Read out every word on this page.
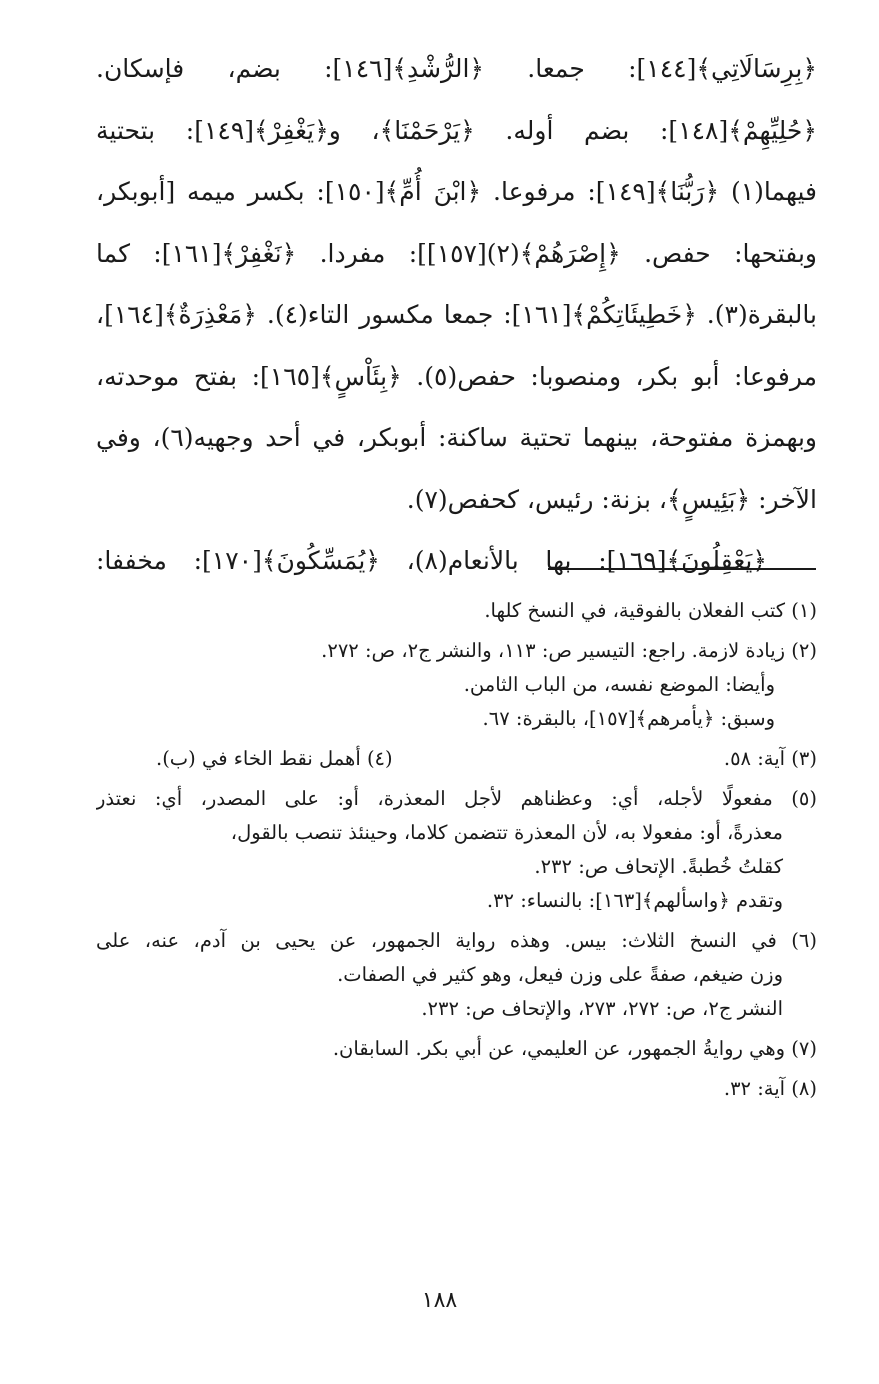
﴿بِرِسَالَاتِي﴾[١٤٤]: جمعا. ﴿الرُّشْدِ﴾[١٤٦]: بضم، فإسكان.
﴿حُلِيِّهِمْ﴾[١٤٨]: بضم أوله. ﴿يَرْحَمْنَا﴾، و﴿يَغْفِرْ﴾[١٤٩]: بتحتية
فيهما(١) ﴿رَبُّنَا﴾[١٤٩]: مرفوعا. ﴿ابْنَ أُمِّ﴾[١٥٠]: بكسر ميمه [أبوبكر،
وبفتحها: حفص. ﴿إِصْرَهُمْ﴾(٢)[١٥٧]]: مفردا. ﴿نَغْفِرْ﴾[١٦١]: كما
بالبقرة(٣). ﴿خَطِيئَاتِكُمْ﴾[١٦١]: جمعا مكسور التاء(٤). ﴿مَعْذِرَةٌ﴾[١٦٤]،
مرفوعا: أبو بكر، ومنصوبا: حفص(٥). ﴿بِئَاْسٍ﴾[١٦٥]: بفتح موحدته،
وبهمزة مفتوحة، بينهما تحتية ساكنة: أبوبكر، في أحد وجهيه(٦)، وفي
الآخر: ﴿بَئِيسٍ﴾، بزنة: رئيس، كحفص(٧).
﴿يَعْقِلُونَ﴾[١٦٩]: بها بالأنعام(٨)، ﴿يُمَسِّكُونَ﴾[١٧٠]: مخففا:
(١) كتب الفعلان بالفوقية، في النسخ كلها.
(٢) زيادة لازمة. راجع: التيسير ص: ١١٣، والنشر ج٢، ص: ٢٧٢.
وأيضا: الموضع نفسه، من الباب الثامن.
وسبق: ﴿يأمرهم﴾[١٥٧]، بالبقرة: ٦٧.
(٣) آية: ٥٨.
(٤) أهمل نقط الخاء في (ب).
(٥) مفعولًا لأجله، أي: وعظناهم لأجل المعذرة، أو: على المصدر، أي: نعتذر
معذرةً، أو: مفعولا به، لأن المعذرة تتضمن كلاما، وحينئذ تنصب بالقول،
كقلتُ خُطبةً. الإتحاف ص: ٢٣٢.
وتقدم ﴿واسألهم﴾[١٦٣]: بالنساء: ٣٢.
(٦) في النسخ الثلاث: بيس. وهذه رواية الجمهور، عن يحيى بن آدم، عنه، على
وزن ضيغم، صفةً على وزن فيعل، وهو كثير في الصفات.
النشر ج٢، ص: ٢٧٢، ٢٧٣، والإتحاف ص: ٢٣٢.
(٧) وهي روايةُ الجمهور، عن العليمي، عن أبي بكر. السابقان.
(٨) آية: ٣٢.
١٨٨
